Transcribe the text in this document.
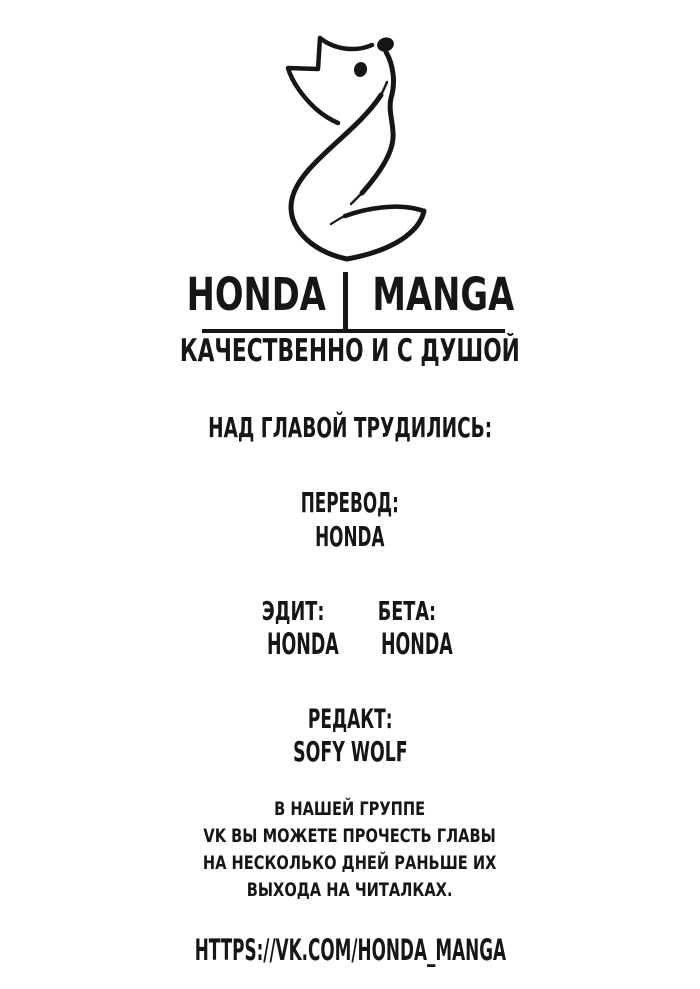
HONDA MANGA
КАЧЕСТВЕННО И С ДУШОЙ
НАД ГЛАВОЙ ТРУДИЛИСЬ:
ПЕРЕВОД:
HONDA
ЭДИТ:	БЕТА:
HONDA	HONDA
РЕДАКТ:
SOFY WOLF
В НАШЕЙ ГРУППЕ
VK ВЫ МОЖЕТЕ ПРОЧЕСТЬ ГЛАВЫ
НА НЕСКОЛЬКО ДНЕЙ РАНЬШЕ ИХ
ВЫХОДА НА ЧИТАЛКАХ.
HTTPS://VK.COM/HONDA_MANGA
